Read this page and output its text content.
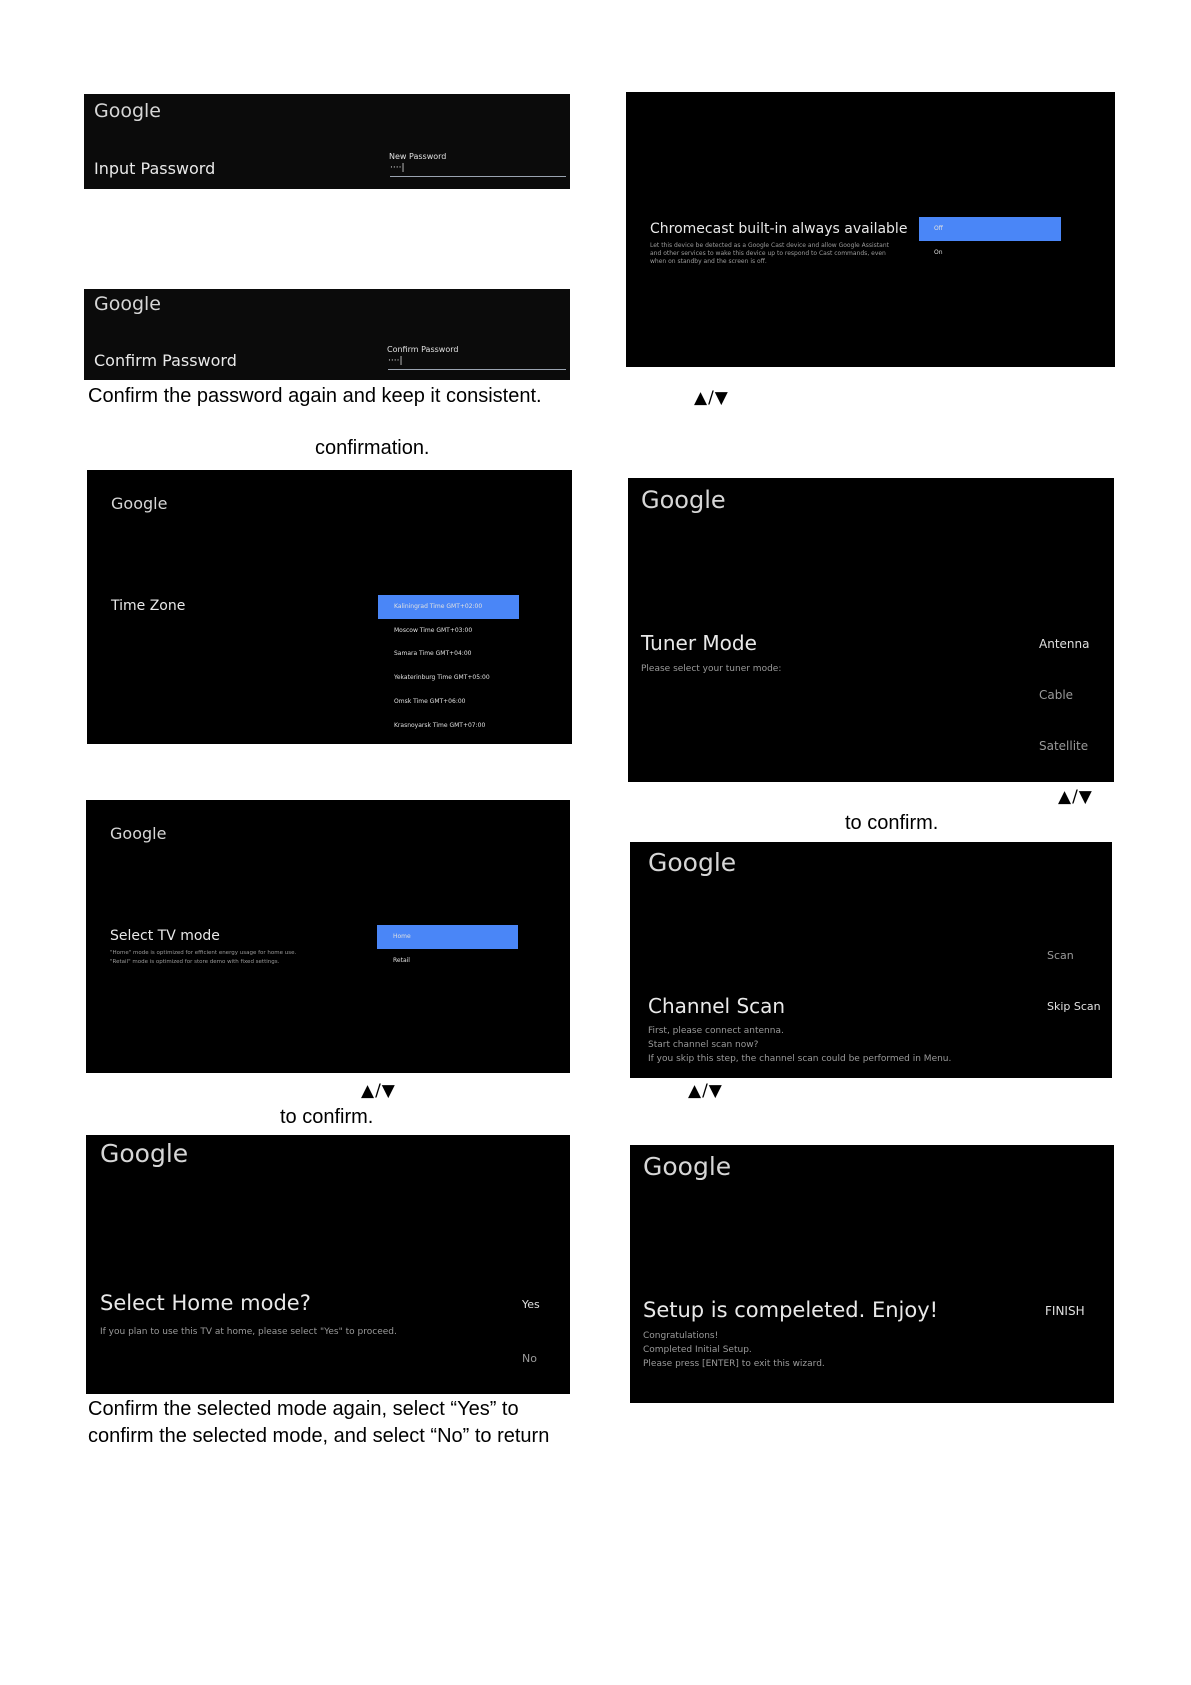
Google
Input Password
New Password
····|
Google
Confirm Password
Confirm Password
····|
Confirm the password again and keep it consistent.
confirmation.
Google
Time Zone	Kaliningrad Time GMT+02:00
Moscow Time GMT+03:00
Samara Time GMT+04:00
Yekaterinburg Time GMT+05:00
Omsk Time GMT+06:00
Krasnoyarsk Time GMT+07:00
Google
Select TV mode
"Home" mode is optimized for efficient energy usage for home use.
"Retail" mode is optimized for store demo with fixed settings.
Home
Retail
▲/▼
to confirm.
Google
Select Home mode?
If you plan to use this TV at home, please select "Yes" to proceed.
Yes
No
Confirm the selected mode again, select “Yes” to
confirm the selected mode, and select “No” to return
Chromecast built-in always available
Let this device be detected as a Google Cast device and allow Google Assistant and other services to wake this device up to respond to Cast commands, even when on standby and the screen is off.
Off
On
▲/▼
Google
Tuner Mode
Please select your tuner mode:
Antenna
Cable
Satellite
▲/▼
to confirm.
Google
Channel Scan
First, please connect antenna.
Start channel scan now?
If you skip this step, the channel scan could be performed in Menu.
Scan
Skip Scan
▲/▼
Google
Setup is compeleted. Enjoy!
Congratulations!
Completed Initial Setup.
Please press [ENTER] to exit this wizard.
FINISH
